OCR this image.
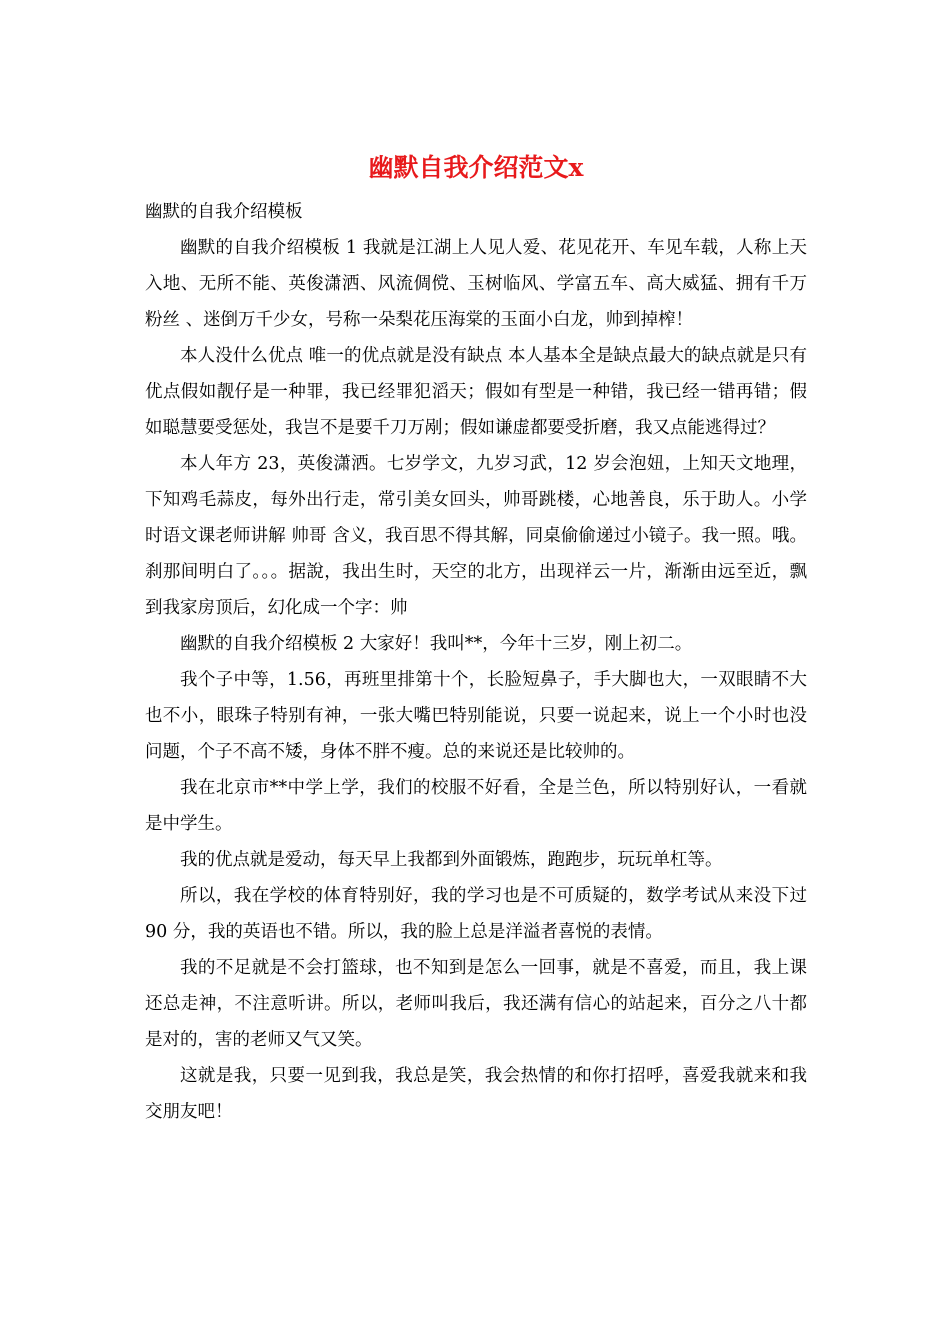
幽默自我介绍范文x

幽默的自我介绍模板

幽默的自我介绍模板 1 我就是江湖上人见人爱、花见花开、车见车载，人称上天入地、无所不能、英俊潇洒、风流倜傥、玉树临风、学富五车、高大威猛、拥有千万 粉丝 、迷倒万千少女，号称一朵梨花压海棠的玉面小白龙，帅到掉榨！

本人没什么优点 唯一的优点就是没有缺点 本人基本全是缺点最大的缺点就是只有优点假如靓仔是一种罪，我已经罪犯滔天；假如有型是一种错，我已经一错再错；假如聪慧要受惩处，我岂不是要千刀万剐；假如谦虚都要受折磨，我又点能逃得过？

本人年方 23，英俊潇洒。七岁学文，九岁习武，12 岁会泡妞，上知天文地理，下知鸡毛蒜皮，每外出行走，常引美女回头，帅哥跳楼，心地善良，乐于助人。小学时语文课老师讲解 帅哥 含义，我百思不得其解，同桌偷偷递过小镜子。我一照。哦。刹那间明白了。。。据說，我出生时，天空的北方，出现祥云一片，渐渐由远至近，飘到我家房顶后，幻化成一个字：帅

幽默的自我介绍模板 2 大家好！我叫**，今年十三岁，刚上初二。

我个子中等，1.56，再班里排第十个，长脸短鼻子，手大脚也大，一双眼睛不大也不小，眼珠子特别有神，一张大嘴巴特别能说，只要一说起来，说上一个小时也没问题，个子不高不矮，身体不胖不瘦。总的来说还是比较帅的。

我在北京市**中学上学，我们的校服不好看，全是兰色，所以特别好认，一看就是中学生。

我的优点就是爱动，每天早上我都到外面锻炼，跑跑步，玩玩单杠等。

所以，我在学校的体育特别好，我的学习也是不可质疑的，数学考试从来没下过 90 分，我的英语也不错。所以，我的脸上总是洋溢者喜悦的表情。

我的不足就是不会打篮球，也不知到是怎么一回事，就是不喜爱，而且，我上课还总走神，不注意听讲。所以，老师叫我后，我还满有信心的站起来，百分之八十都是对的，害的老师又气又笑。

这就是我，只要一见到我，我总是笑，我会热情的和你打招呼，喜爱我就来和我交朋友吧！
